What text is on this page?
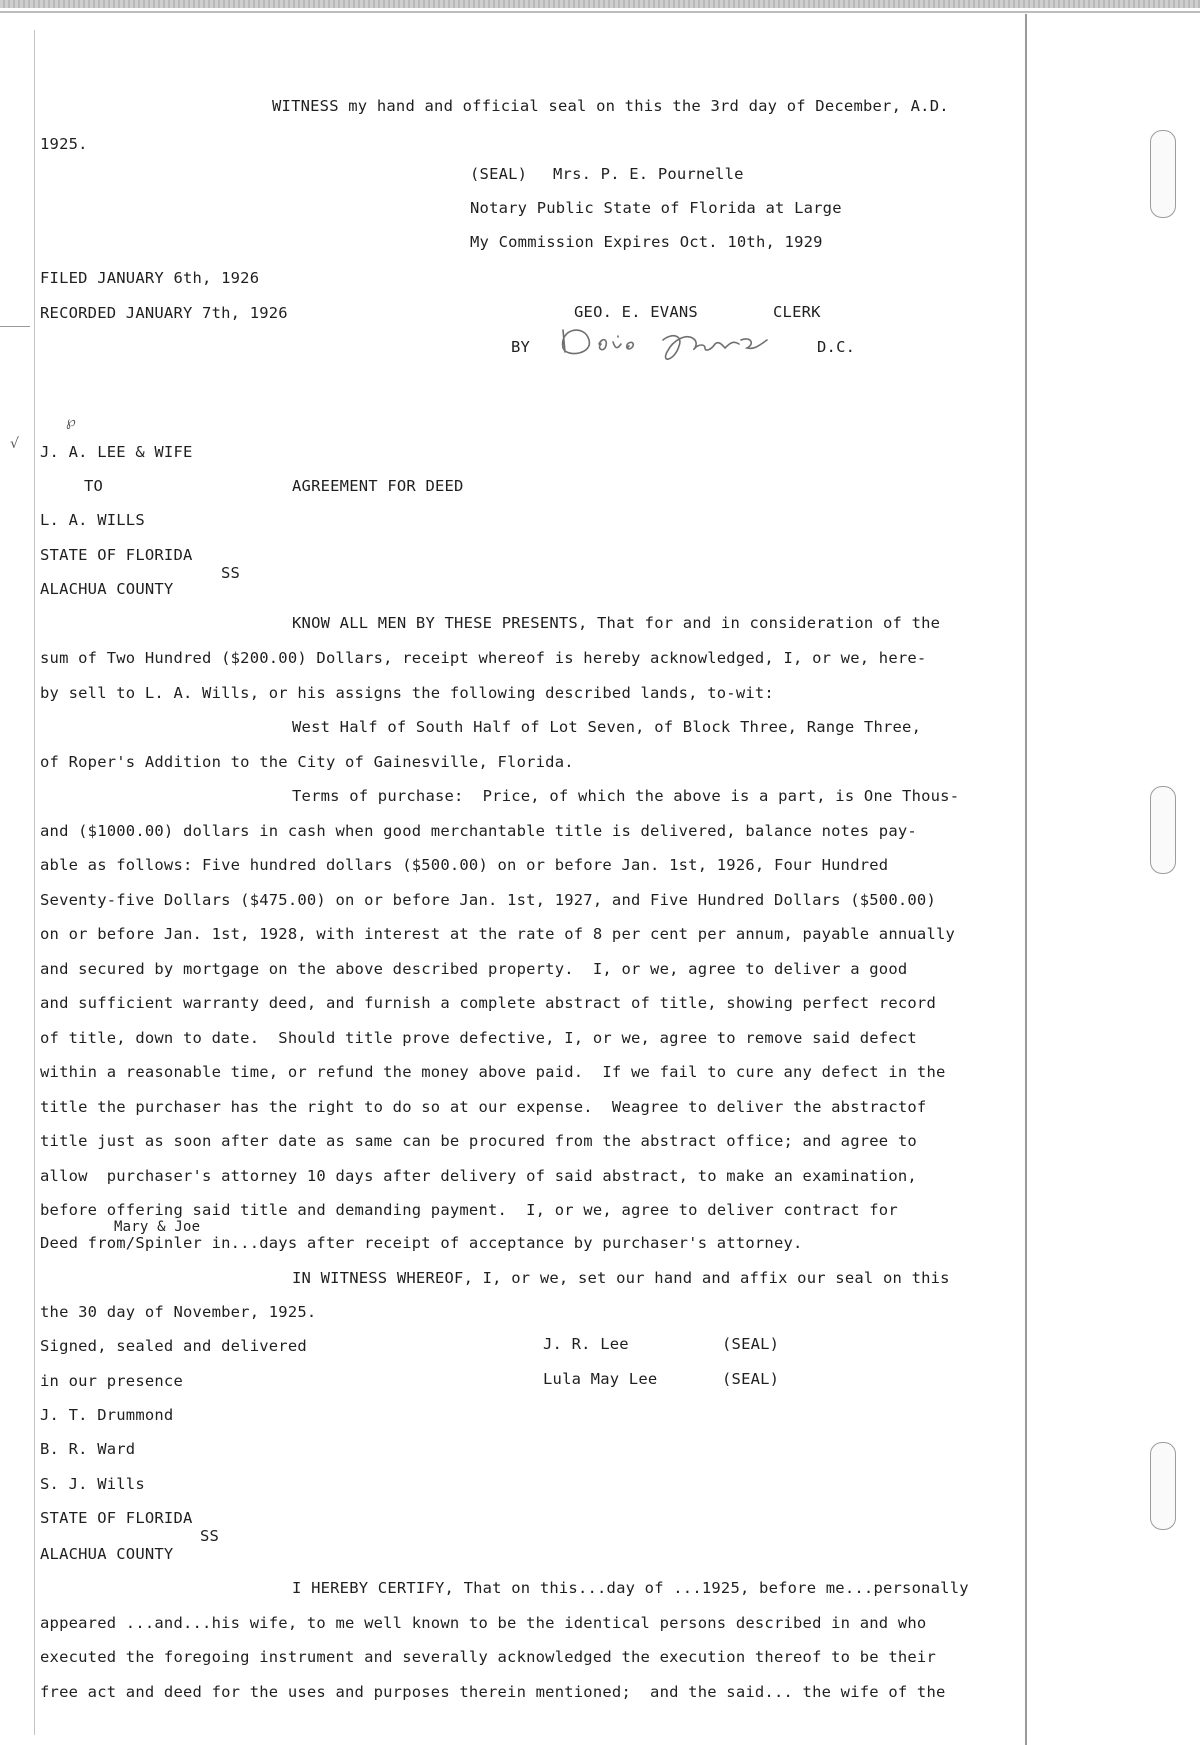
WITNESS my hand and official seal on this the 3rd day of December, A.D.
1925.
(SEAL) Mrs. P. E. Pournelle
Notary Public State of Florida at Large
My Commission Expires Oct. 10th, 1929
FILED JANUARY 6th, 1926
RECORDED JANUARY 7th, 1926	GEO. E. EVANS	CLERK
BY	D.C.
√
℘
J. A. LEE & WIFE
TO	AGREEMENT FOR DEED
L. A. WILLS
STATE OF FLORIDA
SS
ALACHUA COUNTY
KNOW ALL MEN BY THESE PRESENTS, That for and in consideration of the
sum of Two Hundred ($200.00) Dollars, receipt whereof is hereby acknowledged, I, or we, here-
by sell to L. A. Wills, or his assigns the following described lands, to-wit:
West Half of South Half of Lot Seven, of Block Three, Range Three,
of Roper's Addition to the City of Gainesville, Florida.
Terms of purchase:  Price, of which the above is a part, is One Thous-
and ($1000.00) dollars in cash when good merchantable title is delivered, balance notes pay-
able as follows: Five hundred dollars ($500.00) on or before Jan. 1st, 1926, Four Hundred
Seventy-five Dollars ($475.00) on or before Jan. 1st, 1927, and Five Hundred Dollars ($500.00)
on or before Jan. 1st, 1928, with interest at the rate of 8 per cent per annum, payable annually
and secured by mortgage on the above described property.  I, or we, agree to deliver a good
and sufficient warranty deed, and furnish a complete abstract of title, showing perfect record
of title, down to date.  Should title prove defective, I, or we, agree to remove said defect
within a reasonable time, or refund the money above paid.  If we fail to cure any defect in the
title the purchaser has the right to do so at our expense.  Weagree to deliver the abstractof
title just as soon after date as same can be procured from the abstract office; and agree to
allow  purchaser's attorney 10 days after delivery of said abstract, to make an examination,
before offering said title and demanding payment.  I, or we, agree to deliver contract for
Mary & Joe
Deed from/Spinler in...days after receipt of acceptance by purchaser's attorney.
IN WITNESS WHEREOF, I, or we, set our hand and affix our seal on this
the 30 day of November, 1925.
Signed, sealed and delivered	J. R. Lee	(SEAL)
in our presence	Lula May Lee	(SEAL)
J. T. Drummond
B. R. Ward
S. J. Wills
STATE OF FLORIDA
SS
ALACHUA COUNTY
I HEREBY CERTIFY, That on this...day of ...1925, before me...personally
appeared ...and...his wife, to me well known to be the identical persons described in and who
executed the foregoing instrument and severally acknowledged the execution thereof to be their
free act and deed for the uses and purposes therein mentioned;  and the said... the wife of the
